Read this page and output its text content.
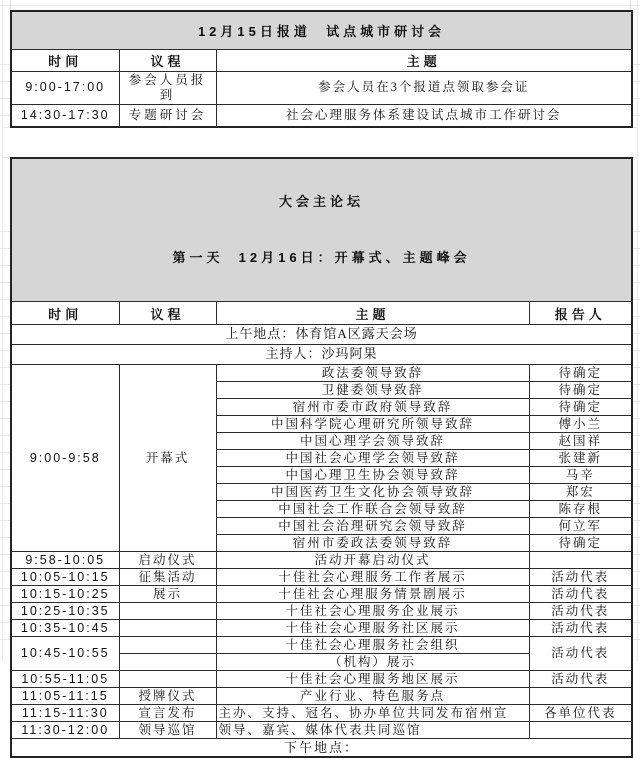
12月15日报道  试点城市研讨会		
时间	议程	主题
9:00-17:00	参会人员报到	参会人员在3个报道点领取参会证
14:30-17:30	专题研讨会	社会心理服务体系建设试点城市工作研讨会

大会主论坛

第一天  12月16日：开幕式、主题峰会			

时间	议程	主题	报告人
上午地点：体育馆A区露天会场			
主持人：沙玛阿果			
9:00-9:58	开幕式	政法委领导致辞	待确定
		卫健委领导致辞	待确定
		宿州市委市政府领导致辞	待确定
		中国科学院心理研究所领导致辞	傅小兰
		中国心理学会领导致辞	赵国祥
		中国社会心理学会领导致辞	张建新
		中国心理卫生协会领导致辞	马辛
		中国医药卫生文化协会领导致辞	郑宏
		中国社会工作联合会领导致辞	陈存根
		中国社会治理研究会领导致辞	何立军
		宿州市委政法委领导致辞	待确定
9:58-10:05	启动仪式	活动开幕启动仪式	
10:05-10:15	征集活动	十佳社会心理服务工作者展示	活动代表
10:15-10:25	展示	十佳社会心理服务情景剧展示	活动代表
10:25-10:35		十佳社会心理服务企业展示	活动代表
10:35-10:45		十佳社会心理服务社区展示	活动代表
10:45-10:55		十佳社会心理服务社会组织	活动代表
		（机构）展示	
10:55-11:05		十佳社会心理服务地区展示	活动代表
11:05-11:15	授牌仪式	产业行业、特色服务点	
11:15-11:30	宣言发布	主办、支持、冠名、协办单位共同发布宿州宣	各单位代表
11:30-12:00	领导巡馆	领导、嘉宾、媒体代表共同巡馆	
下午地点：			
